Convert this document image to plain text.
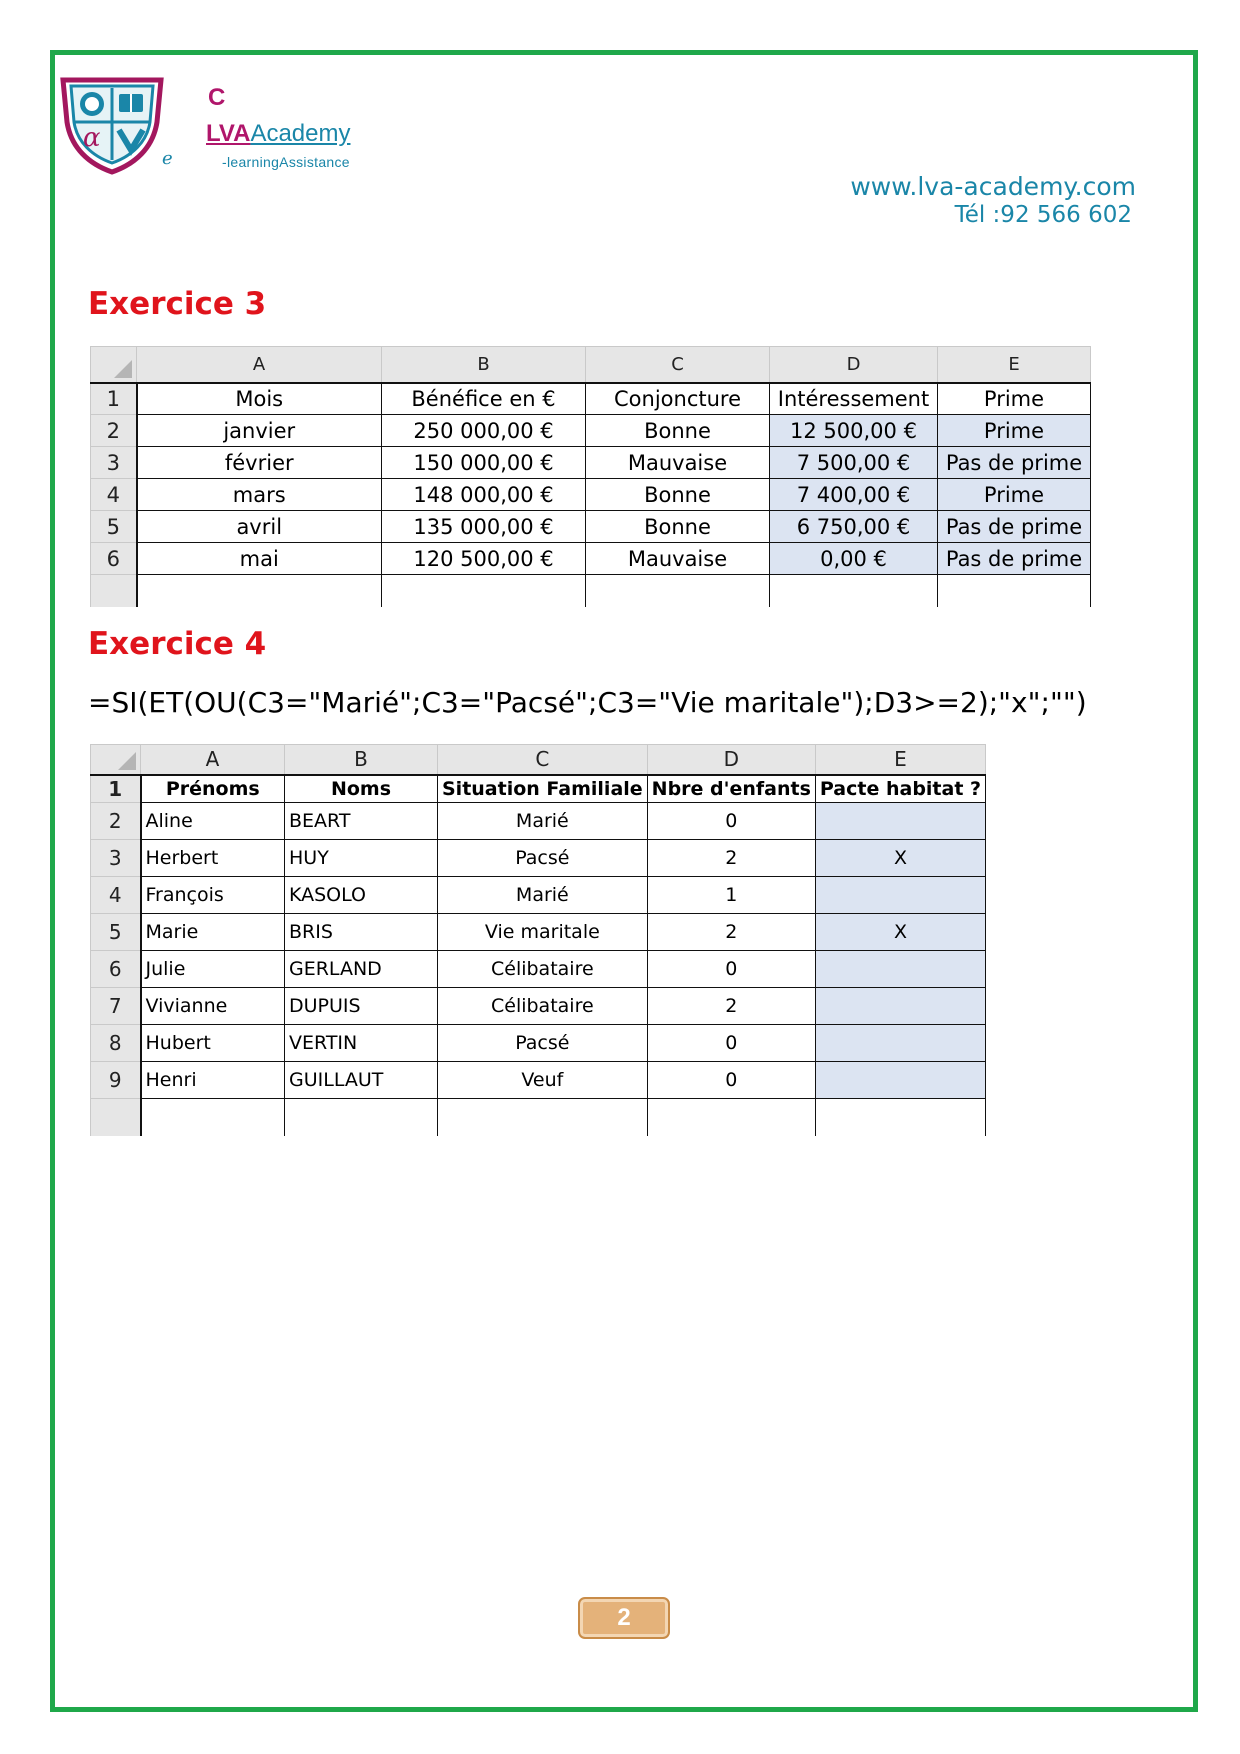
α
C
LVAAcademy
e	-learningAssistance
www.lva-academy.com
Tél :92 566 602
Exercice 3
	A	B	C	D	E
1	Mois	Bénéfice en €	Conjoncture	Intéressement	Prime
2	janvier	250 000,00 €	Bonne	12 500,00 €	Prime
3	février	150 000,00 €	Mauvaise	7 500,00 €	Pas de prime
4	mars	148 000,00 €	Bonne	7 400,00 €	Prime
5	avril	135 000,00 €	Bonne	6 750,00 €	Pas de prime
6	mai	120 500,00 €	Mauvaise	0,00 €	Pas de prime

Exercice 4
=SI(ET(OU(C3="Marié";C3="Pacsé";C3="Vie maritale");D3>=2);"x";"")
	A	B	C	D	E
1	Prénoms	Noms	Situation Familiale	Nbre d'enfants	Pacte habitat ?
2	Aline	BEART	Marié	0	
3	Herbert	HUY	Pacsé	2	X
4	François	KASOLO	Marié	1	
5	Marie	BRIS	Vie maritale	2	X
6	Julie	GERLAND	Célibataire	0	
7	Vivianne	DUPUIS	Célibataire	2	
8	Hubert	VERTIN	Pacsé	0	
9	Henri	GUILLAUT	Veuf	0	

2
